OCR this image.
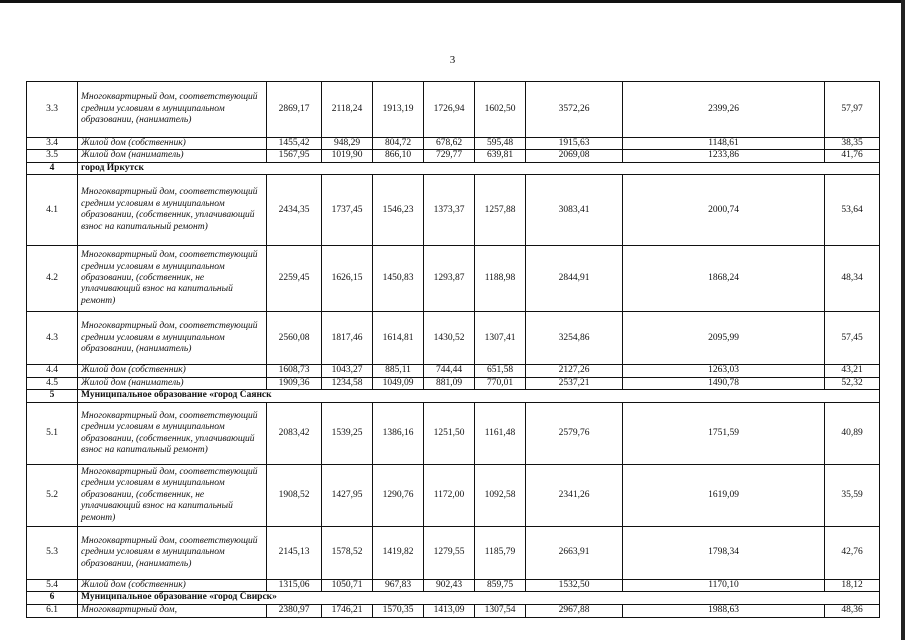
3
3.3	Многоквартирный дом, соответствующий средним условиям в муниципальном образовании, (наниматель)	2869,17	2118,24	1913,19	1726,94	1602,50	3572,26	2399,26	57,97
3.4	Жилой дом (собственник)	1455,42	948,29	804,72	678,62	595,48	1915,63	1148,61	38,35
3.5	Жилой дом (наниматель)	1567,95	1019,90	866,10	729,77	639,81	2069,08	1233,86	41,76
4	город Иркутск								
4.1	Многоквартирный дом, соответствующий средним условиям в муниципальном образовании, (собственник, уплачивающий взнос на капитальный ремонт)	2434,35	1737,45	1546,23	1373,37	1257,88	3083,41	2000,74	53,64
4.2	Многоквартирный дом, соответствующий средним условиям в муниципальном образовании, (собственник, не уплачивающий взнос на капитальный ремонт)	2259,45	1626,15	1450,83	1293,87	1188,98	2844,91	1868,24	48,34
4.3	Многоквартирный дом, соответствующий средним условиям в муниципальном образовании, (наниматель)	2560,08	1817,46	1614,81	1430,52	1307,41	3254,86	2095,99	57,45
4.4	Жилой дом (собственник)	1608,73	1043,27	885,11	744,44	651,58	2127,26	1263,03	43,21
4.5	Жилой дом (наниматель)	1909,36	1234,58	1049,09	881,09	770,01	2537,21	1490,78	52,32
5	Муниципальное образование «город Саянск								
5.1	Многоквартирный дом, соответствующий средним условиям в муниципальном образовании, (собственник, уплачивающий взнос на капитальный ремонт)	2083,42	1539,25	1386,16	1251,50	1161,48	2579,76	1751,59	40,89
5.2	Многоквартирный дом, соответствующий средним условиям в муниципальном образовании, (собственник, не уплачивающий взнос на капитальный ремонт)	1908,52	1427,95	1290,76	1172,00	1092,58	2341,26	1619,09	35,59
5.3	Многоквартирный дом, соответствующий средним условиям в муниципальном образовании, (наниматель)	2145,13	1578,52	1419,82	1279,55	1185,79	2663,91	1798,34	42,76
5.4	Жилой дом (собственник)	1315,06	1050,71	967,83	902,43	859,75	1532,50	1170,10	18,12
6	Муниципальное образование «город Свирск»								
6.1	Многоквартирный дом,	2380,97	1746,21	1570,35	1413,09	1307,54	2967,88	1988,63	48,36
